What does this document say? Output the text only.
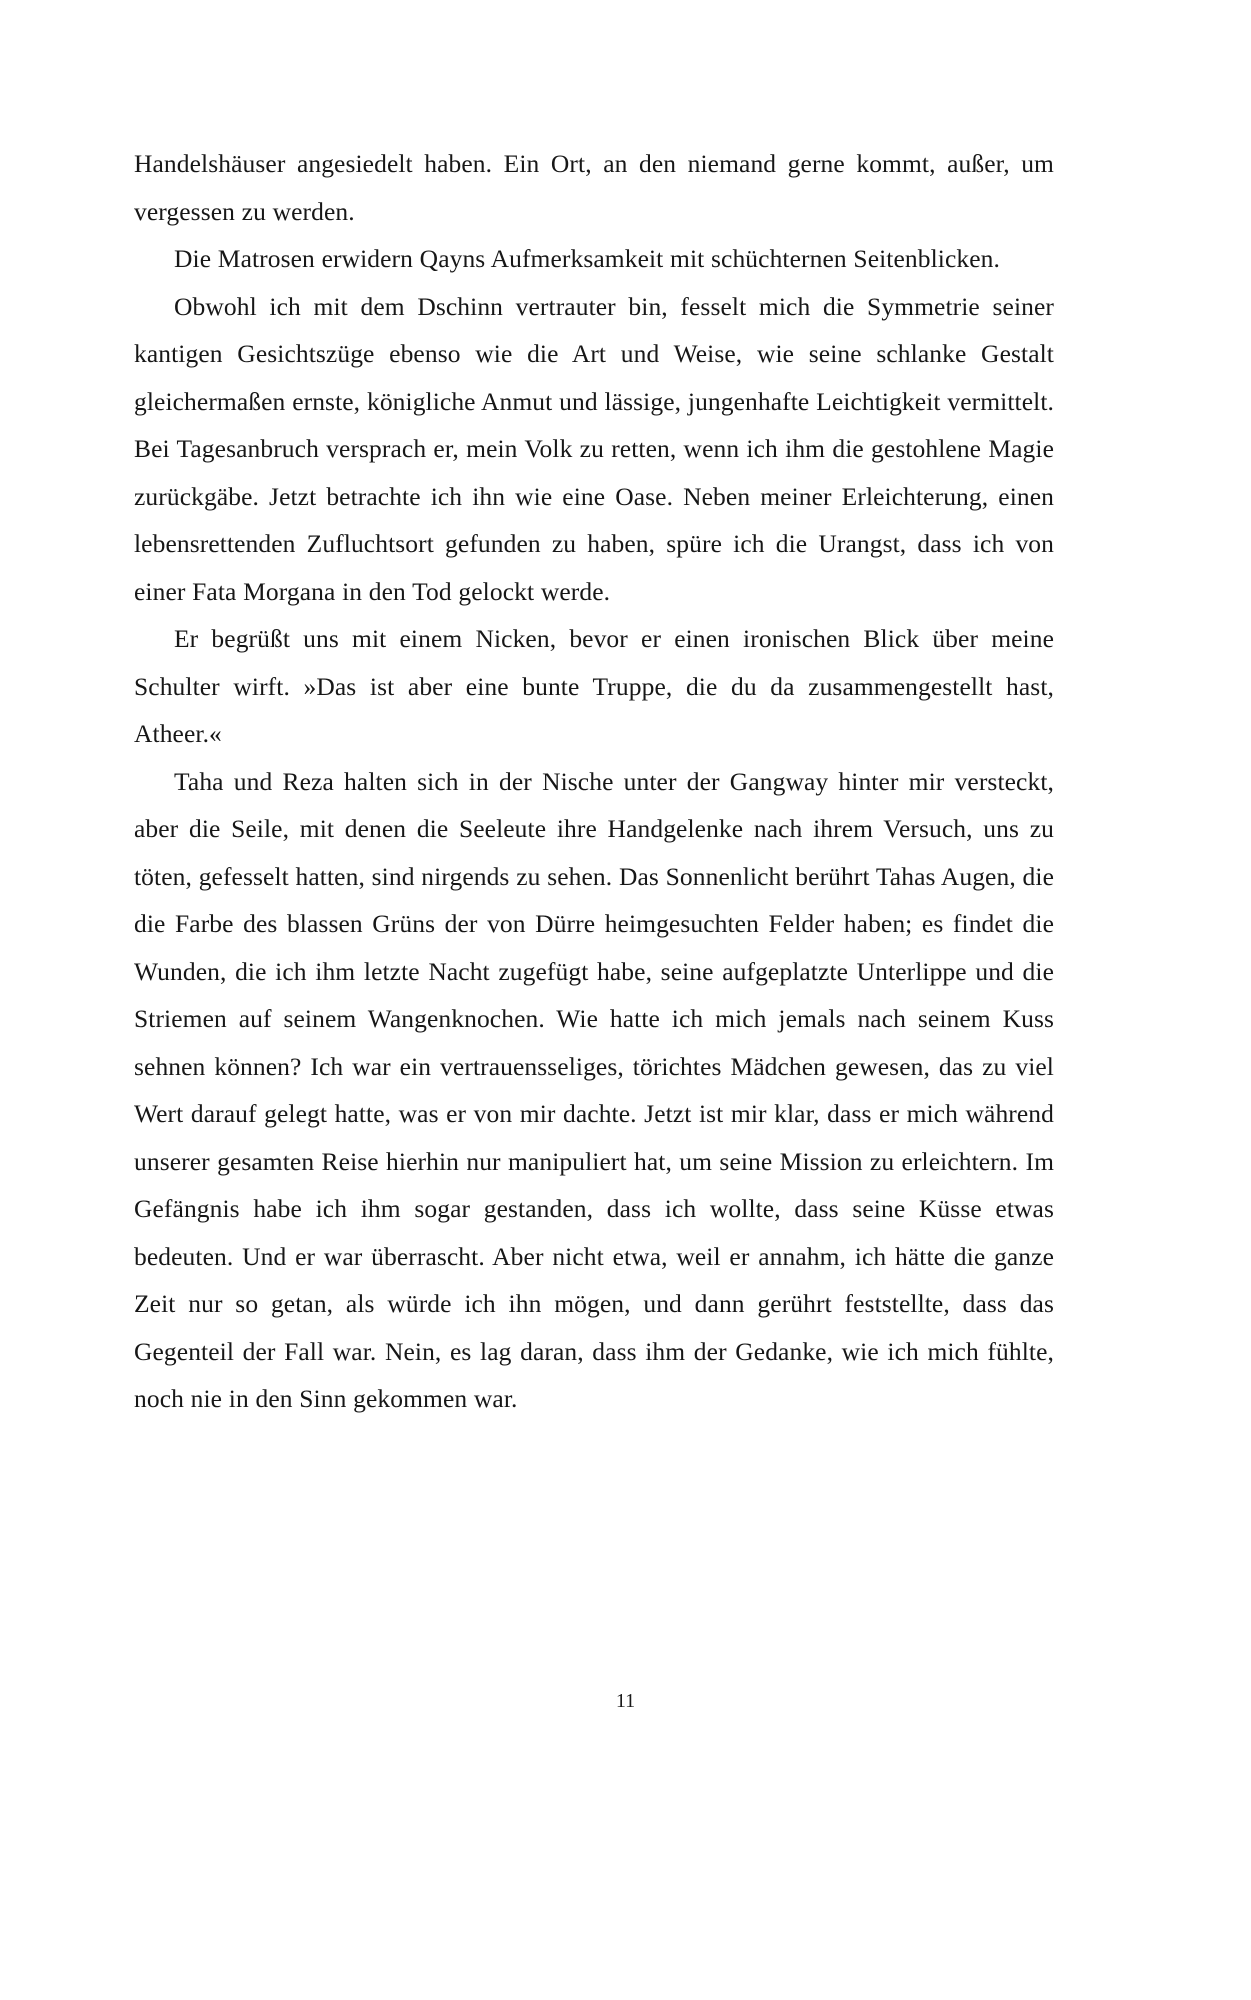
Handelshäuser angesiedelt haben. Ein Ort, an den niemand gerne kommt, außer, um vergessen zu werden.

Die Matrosen erwidern Qayns Aufmerksamkeit mit schüchternen Seitenblicken.

Obwohl ich mit dem Dschinn vertrauter bin, fesselt mich die Symmetrie seiner kantigen Gesichtszüge ebenso wie die Art und Weise, wie seine schlanke Gestalt gleichermaßen ernste, königliche Anmut und lässige, jungenhafte Leichtigkeit vermittelt. Bei Tagesanbruch versprach er, mein Volk zu retten, wenn ich ihm die gestohlene Magie zurückgäbe. Jetzt betrachte ich ihn wie eine Oase. Neben meiner Erleichterung, einen lebensrettenden Zufluchtsort gefunden zu haben, spüre ich die Urangst, dass ich von einer Fata Morgana in den Tod gelockt werde.

Er begrüßt uns mit einem Nicken, bevor er einen ironischen Blick über meine Schulter wirft. »Das ist aber eine bunte Truppe, die du da zusammengestellt hast, Atheer.«

Taha und Reza halten sich in der Nische unter der Gangway hinter mir versteckt, aber die Seile, mit denen die Seeleute ihre Handgelenke nach ihrem Versuch, uns zu töten, gefesselt hatten, sind nirgends zu sehen. Das Sonnenlicht berührt Tahas Augen, die die Farbe des blassen Grüns der von Dürre heimgesuchten Felder haben; es findet die Wunden, die ich ihm letzte Nacht zugefügt habe, seine aufgeplatzte Unterlippe und die Striemen auf seinem Wangenknochen. Wie hatte ich mich jemals nach seinem Kuss sehnen können? Ich war ein vertrauensseliges, törichtes Mädchen gewesen, das zu viel Wert darauf gelegt hatte, was er von mir dachte. Jetzt ist mir klar, dass er mich während unserer gesamten Reise hierhin nur manipuliert hat, um seine Mission zu erleichtern. Im Gefängnis habe ich ihm sogar gestanden, dass ich wollte, dass seine Küsse etwas bedeuten. Und er war überrascht. Aber nicht etwa, weil er annahm, ich hätte die ganze Zeit nur so getan, als würde ich ihn mögen, und dann gerührt feststellte, dass das Gegenteil der Fall war. Nein, es lag daran, dass ihm der Gedanke, wie ich mich fühlte, noch nie in den Sinn gekommen war.

11
